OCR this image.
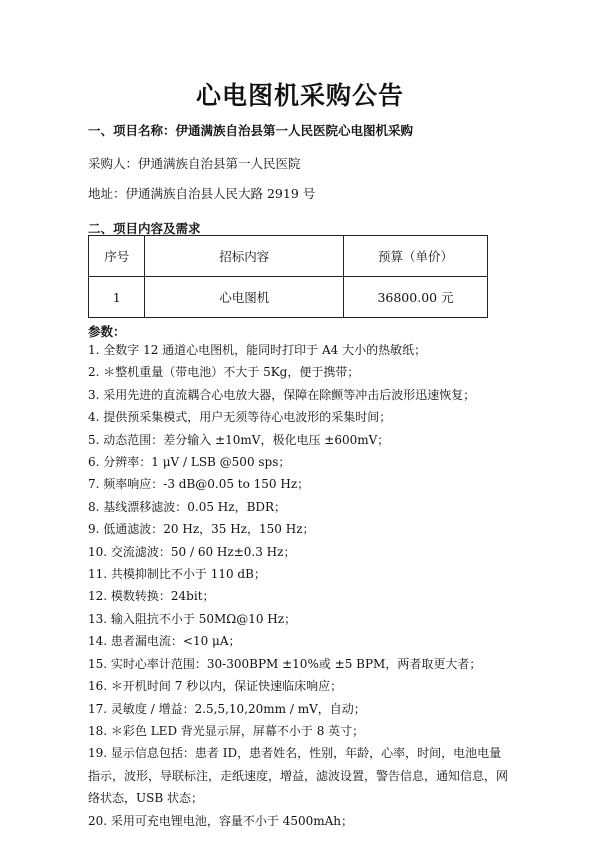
心电图机采购公告
一、项目名称：伊通满族自治县第一人民医院心电图机采购
采购人：伊通满族自治县第一人民医院
地址：伊通满族自治县人民大路 2919 号
二、项目内容及需求
序号	招标内容	预算（单价）
1	心电图机	36800.00 元
参数：
1. 全数字 12 通道心电图机，能同时打印于 A4 大小的热敏纸；
2. ＊整机重量（带电池）不大于 5Kg，便于携带；
3. 采用先进的直流耦合心电放大器，保障在除颤等冲击后波形迅速恢复；
4. 提供预采集模式，用户无须等待心电波形的采集时间；
5. 动态范围：差分输入 ±10mV，极化电压 ±600mV；
6. 分辨率：1 μV / LSB @500 sps；
7. 频率响应：-3 dB@0.05 to 150 Hz；
8. 基线漂移滤波：0.05 Hz，BDR；
9. 低通滤波：20 Hz，35 Hz，150 Hz；
10. 交流滤波：50 / 60 Hz±0.3 Hz；
11. 共模抑制比不小于 110 dB；
12. 模数转换：24bit；
13. 输入阻抗不小于 50MΩ@10 Hz；
14. 患者漏电流：<10 μA；
15. 实时心率计范围：30-300BPM ±10%或 ±5 BPM，两者取更大者；
16. ＊开机时间 7 秒以内，保证快速临床响应；
17. 灵敏度 / 增益：2.5,5,10,20mm / mV，自动；
18. ＊彩色 LED 背光显示屏，屏幕不小于 8 英寸；
19. 显示信息包括：患者 ID，患者姓名，性别，年龄，心率，时间，电池电量指示，波形，导联标注，走纸速度，增益，滤波设置，警告信息，通知信息，网络状态，USB 状态；
20. 采用可充电锂电池，容量不小于 4500mAh；
